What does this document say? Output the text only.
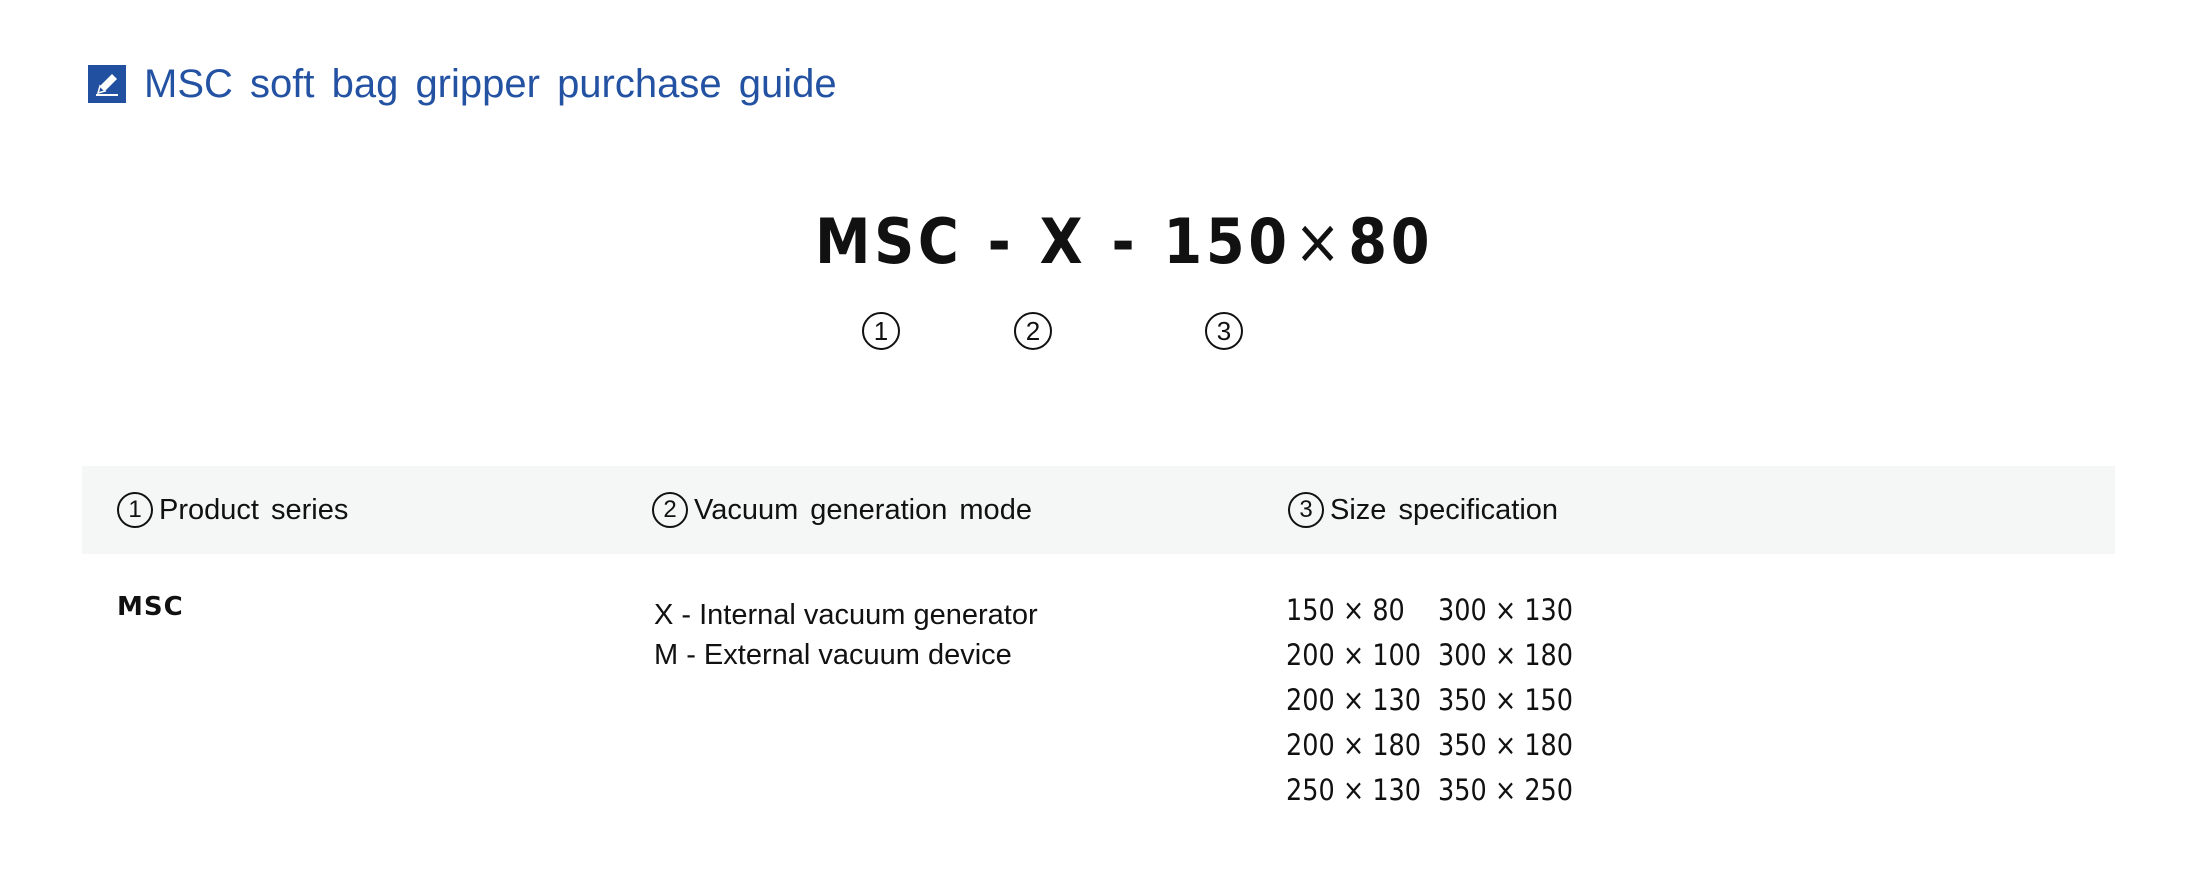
MSC soft bag gripper purchase guide
MSC - X - 150×80
1	2	3
1 Product series	2 Vacuum generation mode	3 Size specification
MSC	X - Internal vacuum generator
M - External vacuum device
150 × 80	300 × 130
200 × 100 300 × 180
200 × 130 350 × 150
200 × 180 350 × 180
250 × 130 350 × 250
